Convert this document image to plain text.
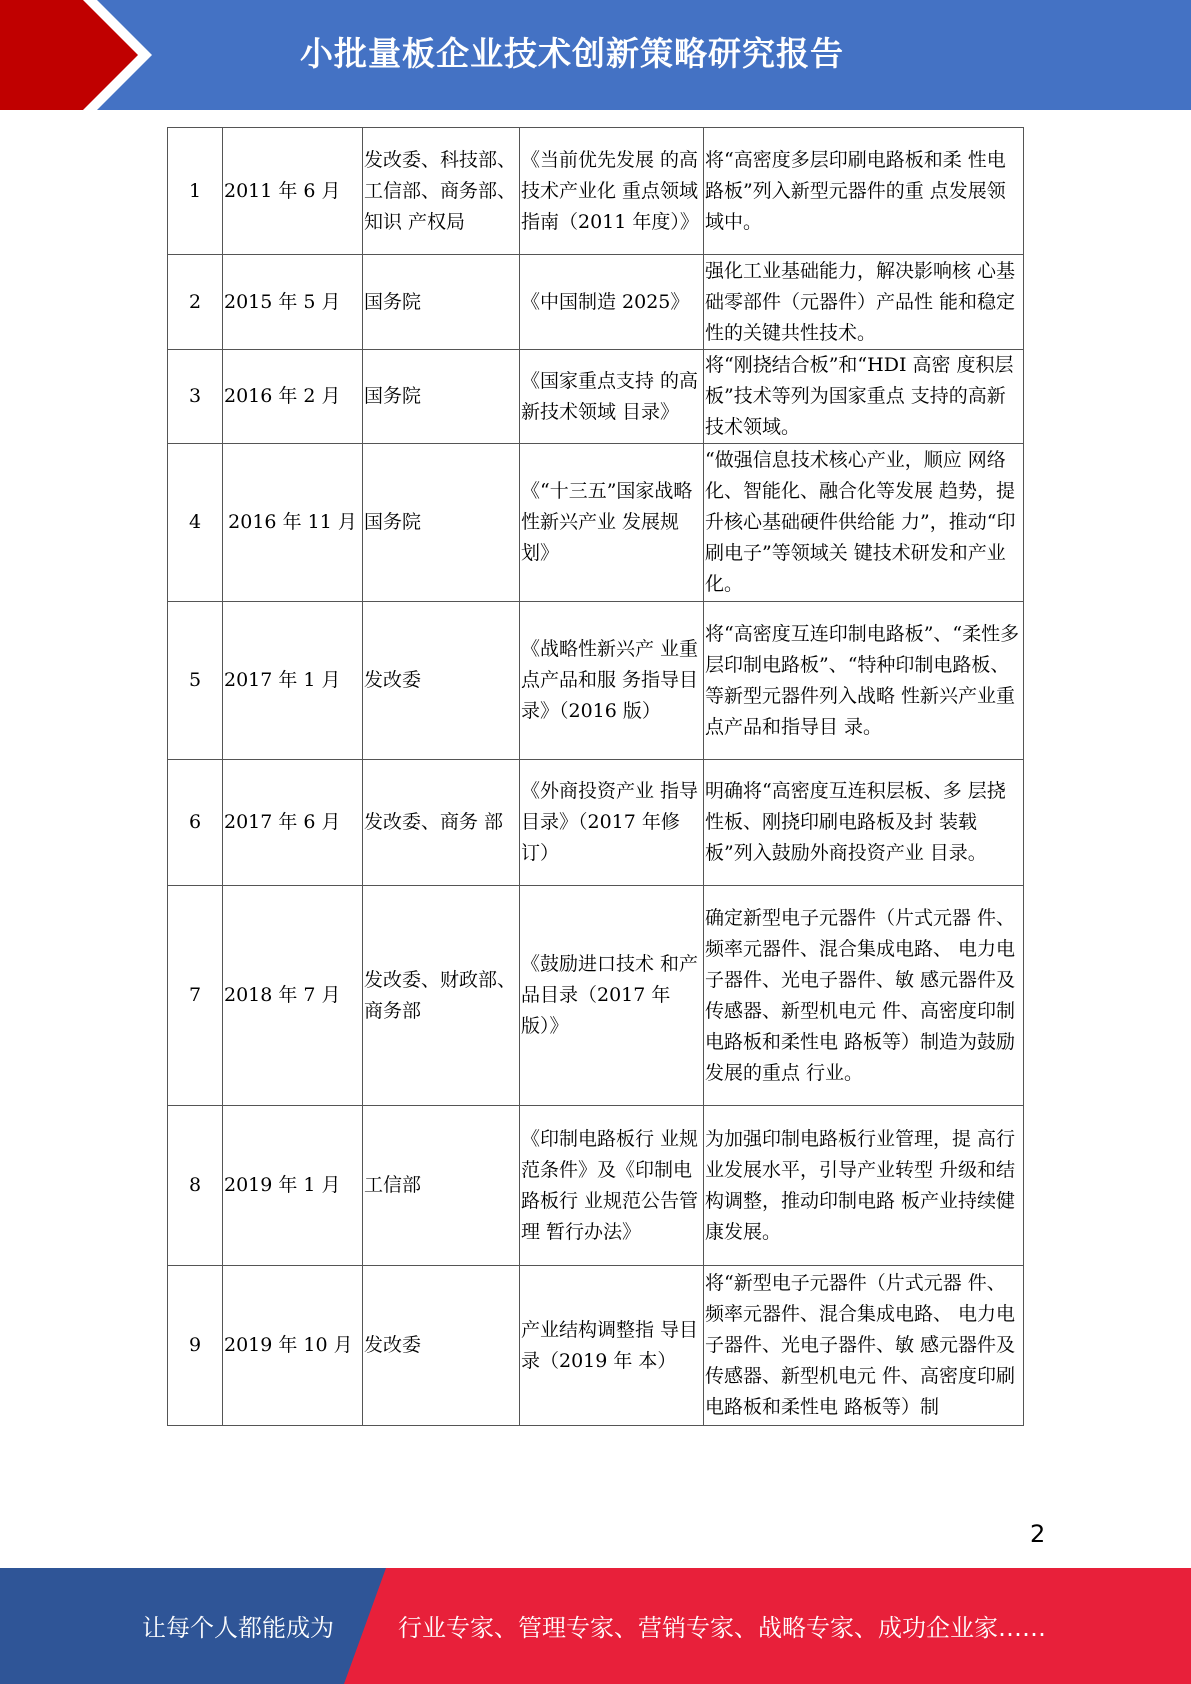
小批量板企业技术创新策略研究报告
1	2011 年 6 月	发改委、科技部、工信部、商务部、知识 产权局	《当前优先发展 的高技术产业化 重点领域指南（2011 年度）》	将“高密度多层印刷电路板和柔 性电路板”列入新型元器件的重 点发展领域中。
2	2015 年 5 月	国务院	《中国制造 2025》	强化工业基础能力，解决影响核 心基础零部件（元器件）产品性 能和稳定性的关键共性技术。
3	2016 年 2 月	国务院	《国家重点支持 的高新技术领域 目录》	将“刚挠结合板”和“HDI 高密 度积层板”技术等列为国家重点 支持的高新技术领域。
4	2016 年 11 月	国务院	《“十三五”国家战略性新兴产业 发展规划》	“做强信息技术核心产业，顺应 网络化、智能化、融合化等发展 趋势，提升核心基础硬件供给能 力”，推动“印刷电子”等领域关 键技术研发和产业化。
5	2017 年 1 月	发改委	《战略性新兴产 业重点产品和服 务指导目录》（2016 版）	将“高密度互连印制电路板”、“柔性多层印制电路板”、“特种印制电路板、等新型元器件列入战略 性新兴产业重点产品和指导目 录。
6	2017 年 6 月	发改委、商务 部	《外商投资产业 指导目录》（2017 年修订）	明确将“高密度互连积层板、多 层挠性板、刚挠印刷电路板及封 装载板”列入鼓励外商投资产业 目录。
7	2018 年 7 月	发改委、财政部、商务部	《鼓励进口技术 和产品目录（2017 年版）》	确定新型电子元器件（片式元器 件、频率元器件、混合集成电路、 电力电子器件、光电子器件、敏 感元器件及传感器、新型机电元 件、高密度印制电路板和柔性电 路板等）制造为鼓励发展的重点 行业。
8	2019 年 1 月	工信部	《印制电路板行 业规范条件》及《印制电路板行 业规范公告管理 暂行办法》	为加强印制电路板行业管理，提 高行业发展水平，引导产业转型 升级和结构调整，推动印制电路 板产业持续健康发展。
9	2019 年 10 月	发改委	产业结构调整指 导目录（2019 年 本）	将“新型电子元器件（片式元器 件、频率元器件、混合集成电路、 电力电子器件、光电子器件、敏 感元器件及传感器、新型机电元 件、高密度印刷电路板和柔性电 路板等）制
2
让每个人都能成为	行业专家、管理专家、营销专家、战略专家、成功企业家……
